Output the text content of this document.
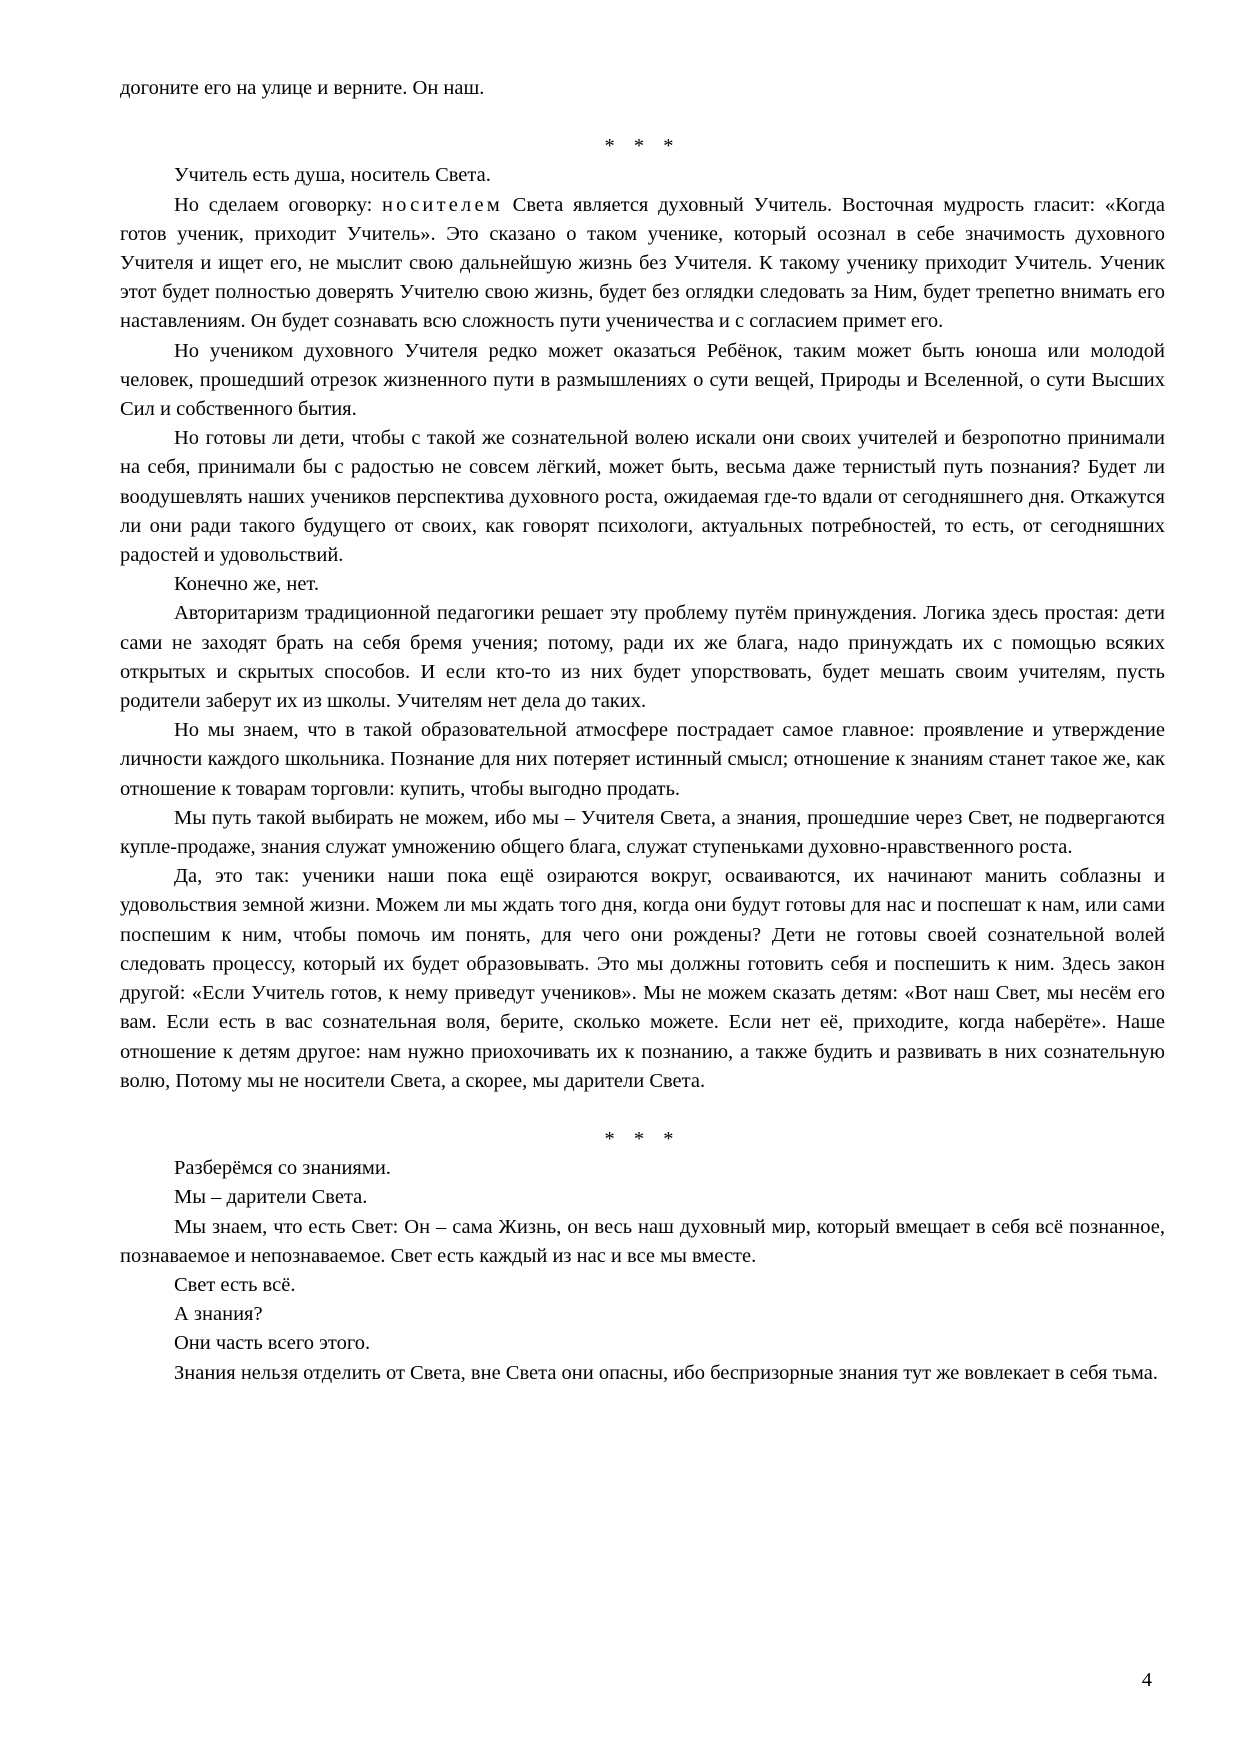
догоните его на улице и верните. Он наш.

* * *

Учитель есть душа, носитель Света.

Но сделаем оговорку: носителем Света является духовный Учитель. Восточная мудрость гласит: «Когда готов ученик, приходит Учитель». Это сказано о таком ученике, который осознал в себе значимость духовного Учителя и ищет его, не мыслит свою дальнейшую жизнь без Учителя. К такому ученику приходит Учитель. Ученик этот будет полностью доверять Учителю свою жизнь, будет без оглядки следовать за Ним, будет трепетно внимать его наставлениям. Он будет сознавать всю сложность пути ученичества и с согласием примет его.

Но учеником духовного Учителя редко может оказаться Ребёнок, таким может быть юноша или молодой человек, прошедший отрезок жизненного пути в размышлениях о сути вещей, Природы и Вселенной, о сути Высших Сил и собственного бытия.

Но готовы ли дети, чтобы с такой же сознательной волею искали они своих учителей и безропотно принимали на себя, принимали бы с радостью не совсем лёгкий, может быть, весьма даже тернистый путь познания? Будет ли воодушевлять наших учеников перспектива духовного роста, ожидаемая где-то вдали от сегодняшнего дня. Откажутся ли они ради такого будущего от своих, как говорят психологи, актуальных потребностей, то есть, от сегодняшних радостей и удовольствий.

Конечно же, нет.

Авторитаризм традиционной педагогики решает эту проблему путём принуждения. Логика здесь простая: дети сами не заходят брать на себя бремя учения; потому, ради их же блага, надо принуждать их с помощью всяких открытых и скрытых способов. И если кто-то из них будет упорствовать, будет мешать своим учителям, пусть родители заберут их из школы. Учителям нет дела до таких.

Но мы знаем, что в такой образовательной атмосфере пострадает самое главное: проявление и утверждение личности каждого школьника. Познание для них потеряет истинный смысл; отношение к знаниям станет такое же, как отношение к товарам торговли: купить, чтобы выгодно продать.

Мы путь такой выбирать не можем, ибо мы – Учителя Света, а знания, прошедшие через Свет, не подвергаются купле-продаже, знания служат умножению общего блага, служат ступеньками духовно-нравственного роста.

Да, это так: ученики наши пока ещё озираются вокруг, осваиваются, их начинают манить соблазны и удовольствия земной жизни. Можем ли мы ждать того дня, когда они будут готовы для нас и поспешат к нам, или сами поспешим к ним, чтобы помочь им понять, для чего они рождены? Дети не готовы своей сознательной волей следовать процессу, который их будет образовывать. Это мы должны готовить себя и поспешить к ним. Здесь закон другой: «Если Учитель готов, к нему приведут учеников». Мы не можем сказать детям: «Вот наш Свет, мы несём его вам. Если есть в вас сознательная воля, берите, сколько можете. Если нет её, приходите, когда наберёте». Наше отношение к детям другое: нам нужно приохочивать их к познанию, а также будить и развивать в них сознательную волю, Потому мы не носители Света, а скорее, мы дарители Света.

* * *

Разберёмся со знаниями.

Мы – дарители Света.

Мы знаем, что есть Свет: Он – сама Жизнь, он весь наш духовный мир, который вмещает в себя всё познанное, познаваемое и непознаваемое. Свет есть каждый из нас и все мы вместе.

Свет есть всё.

А знания?

Они часть всего этого.

Знания нельзя отделить от Света, вне Света они опасны, ибо беспризорные знания тут же вовлекает в себя тьма.

4
